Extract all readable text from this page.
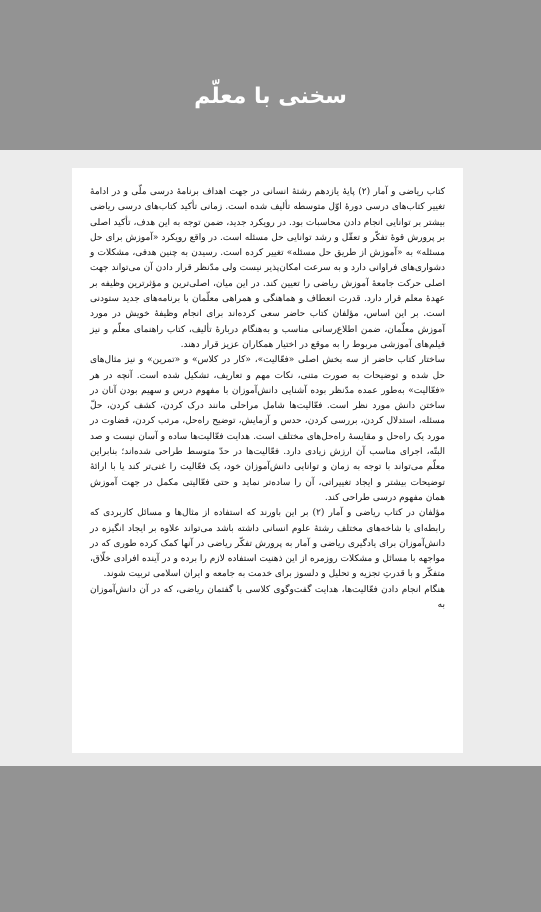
سخنی با معلّم

کتاب ریاضی و آمار (۲) پایهٔ یازدهم رشتهٔ انسانی در جهت اهداف برنامهٔ درسی ملّی و در ادامهٔ تغییر کتاب‌های درسی دورهٔ اوّل متوسطه تألیف شده است. زمانی تأکید کتاب‌های درسی ریاضی بیشتر بر توانایی انجام دادن محاسبات بود. در رویکرد جدید، ضمن توجه به این هدف، تأکید اصلی بر پرورش قوهٔ تفکّر و تعقّل و رشد توانایی حل مسئله است. در واقع رویکرد «آموزش برای حل مسئله» به «آموزش از طریق حل مسئله» تغییر کرده است. رسیدن به چنین هدفی، مشکلات و دشواری‌های فراوانی دارد و به سرعت امکان‌پذیر نیست ولی مدّنظر قرار دادن آن می‌تواند جهت اصلی حرکت جامعهٔ آموزش ریاضی را تعیین کند. در این میان، اصلی‌ترین و مؤثرترین وظیفه بر عهدهٔ معلم قرار دارد. قدرت انعطاف و هماهنگی و همراهی معلّمان با برنامه‌های جدید ستودنی است. بر این اساس، مؤلفان کتاب حاضر سعی کرده‌اند برای انجام وظیفهٔ خویش در مورد آموزش معلّمان، ضمن اطلاع‌رسانی مناسب و به‌هنگام دربارهٔ تألیف، کتاب راهنمای معلّم و نیز فیلم‌های آموزشی مربوط را به موقع در اختیار همکاران عزیز قرار دهند.

ساختار کتاب حاضر از سه بخش اصلی «فعّالیت»، «کار در کلاس» و «تمرین» و نیز مثال‌های حل شده و توضیحات به صورت متنی، نکات مهم و تعاریف، تشکیل شده است. آنچه در هر «فعّالیت» به‌طور عمده مدّنظر بوده آشنایی دانش‌آموزان با مفهوم درس و سهیم بودن آنان در ساختن دانش مورد نظر است. فعّالیت‌ها شامل مراحلی مانند درک کردن، کشف کردن، حلّ مسئله، استدلال کردن، بررسی کردن، حدس و آزمایش، توضیح راه‌حل، مرتب کردن، قضاوت در مورد یک راه‌حل و مقایسهٔ راه‌حل‌های مختلف است. هدایت فعّالیت‌ها ساده و آسان نیست و صد البتّه، اجرای مناسب آن ارزش زیادی دارد. فعّالیت‌ها در حدّ متوسط طراحی شده‌اند؛ بنابراین معلّم می‌تواند با توجه به زمان و توانایی دانش‌آموزان خود، یک فعّالیت را غنی‌تر کند یا با ارائهٔ توضیحات بیشتر و ایجاد تغییراتی، آن را ساده‌تر نماید و حتی فعّالیتی مکمل در جهت آموزش همان مفهوم درسی طراحی کند.

مؤلفان در کتاب ریاضی و آمار (۲) بر این باورند که استفاده از مثال‌ها و مسائل کاربردی که رابطه‌ای با شاخه‌های مختلف رشتهٔ علوم انسانی داشته باشد می‌تواند علاوه بر ایجاد انگیزه در دانش‌آموزان برای یادگیری ریاضی و آمار به پرورش تفکّر ریاضی در آنها کمک کرده طوری که در مواجهه با مسائل و مشکلات روزمره از این ذهنیت استفاده لازم را برده و در آینده افرادی خلّاق، متفکّر و با قدرتِ تجزیه و تحلیل و دلسوز برای خدمت به جامعه و ایران اسلامی تربیت شوند.

هنگام انجام دادن فعّالیت‌ها، هدایت گفت‌وگوی کلاسی با گفتمان ریاضی، که در آن دانش‌آموزان به
